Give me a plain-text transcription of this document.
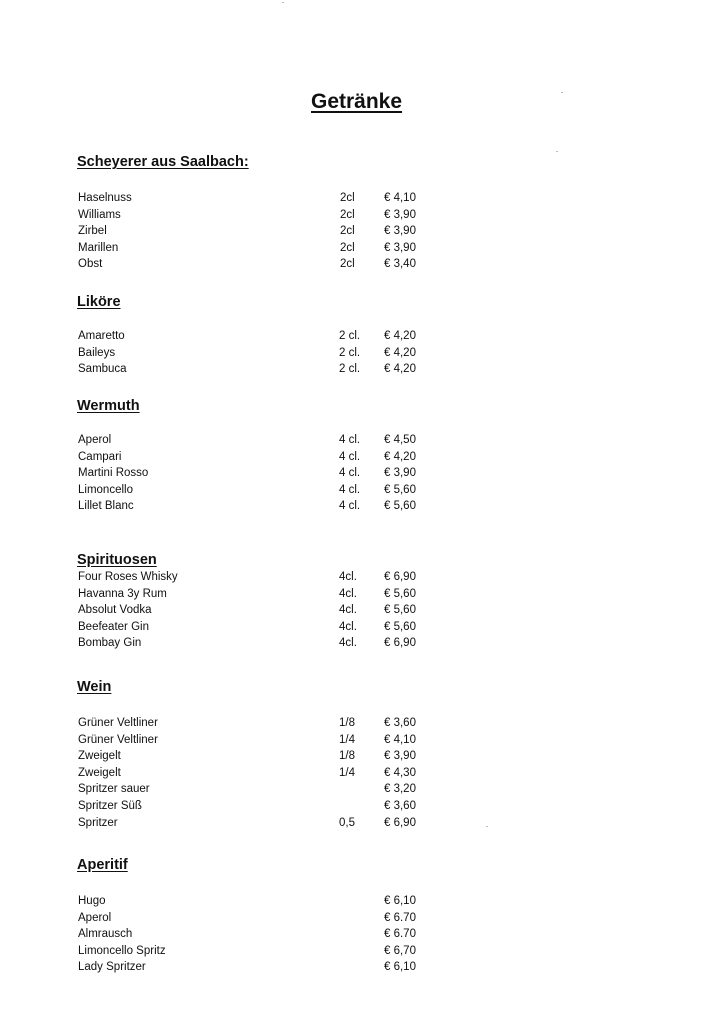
Getränke
Scheyerer aus Saalbach:
Haselnuss	2cl	€ 4,10
Williams	2cl	€ 3,90
Zirbel	2cl	€ 3,90
Marillen	2cl	€ 3,90
Obst	2cl	€ 3,40
Liköre
Amaretto	2 cl. € 4,20
Baileys	2 cl. € 4,20
Sambuca	2 cl. € 4,20
Wermuth
Aperol	4 cl. € 4,50
Campari	4 cl. € 4,20
Martini Rosso	4 cl. € 3,90
Limoncello	4 cl. € 5,60
Lillet Blanc	4 cl. € 5,60
Spirituosen
Four Roses Whisky	4cl. € 6,90
Havanna 3y Rum	4cl. € 5,60
Absolut Vodka	4cl. € 5,60
Beefeater Gin	4cl. € 5,60
Bombay Gin	4cl. € 6,90
Wein
Grüner Veltliner	1/8	€ 3,60
Grüner Veltliner	1/4	€ 4,10
Zweigelt	1/8	€ 3,90
Zweigelt	1/4	€ 4,30
Spritzer sauer	€ 3,20
Spritzer Süß	€ 3,60
Spritzer	0,5	€ 6,90
Aperitif
Hugo	€ 6,10
Aperol	€ 6.70
Almrausch	€ 6.70
Limoncello Spritz	€ 6,70
Lady Spritzer	€ 6,10
